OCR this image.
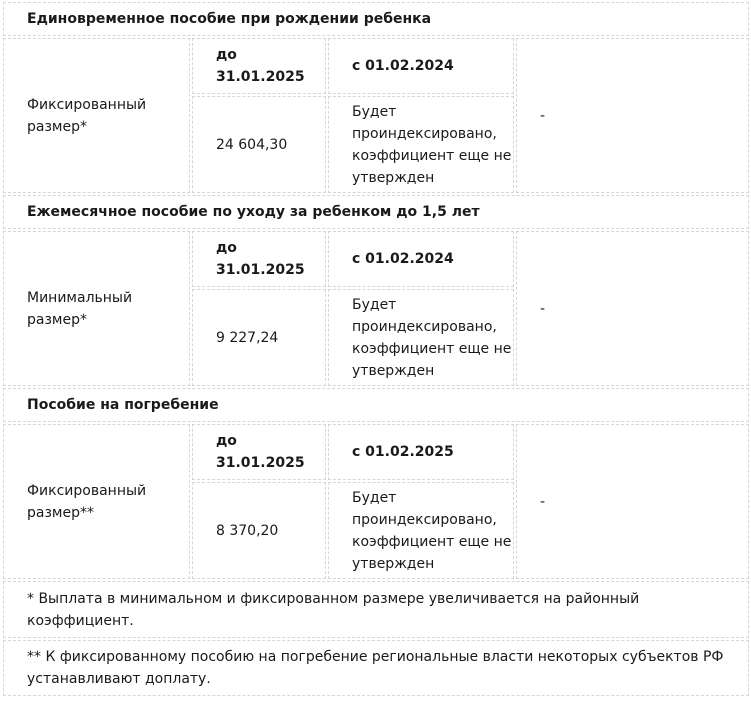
Единовременное пособие при рождении ребенка			
Фиксированный размер*	до 31.01.2025	с 01.02.2024	-
	24 604,30	Будет проиндексировано, коэффициент еще не утвержден	
Ежемесячное пособие по уходу за ребенком до 1,5 лет			
Минимальный размер*	до 31.01.2025	с 01.02.2024	-
	9 227,24	Будет проиндексировано, коэффициент еще не утвержден	
Пособие на погребение			
Фиксированный размер**	до 31.01.2025	с 01.02.2025	-
	8 370,20	Будет проиндексировано, коэффициент еще не утвержден	
* Выплата в минимальном и фиксированном размере увеличивается на районный коэффициент.			
** К фиксированному пособию на погребение региональные власти некоторых субъектов РФ устанавливают доплату.			
